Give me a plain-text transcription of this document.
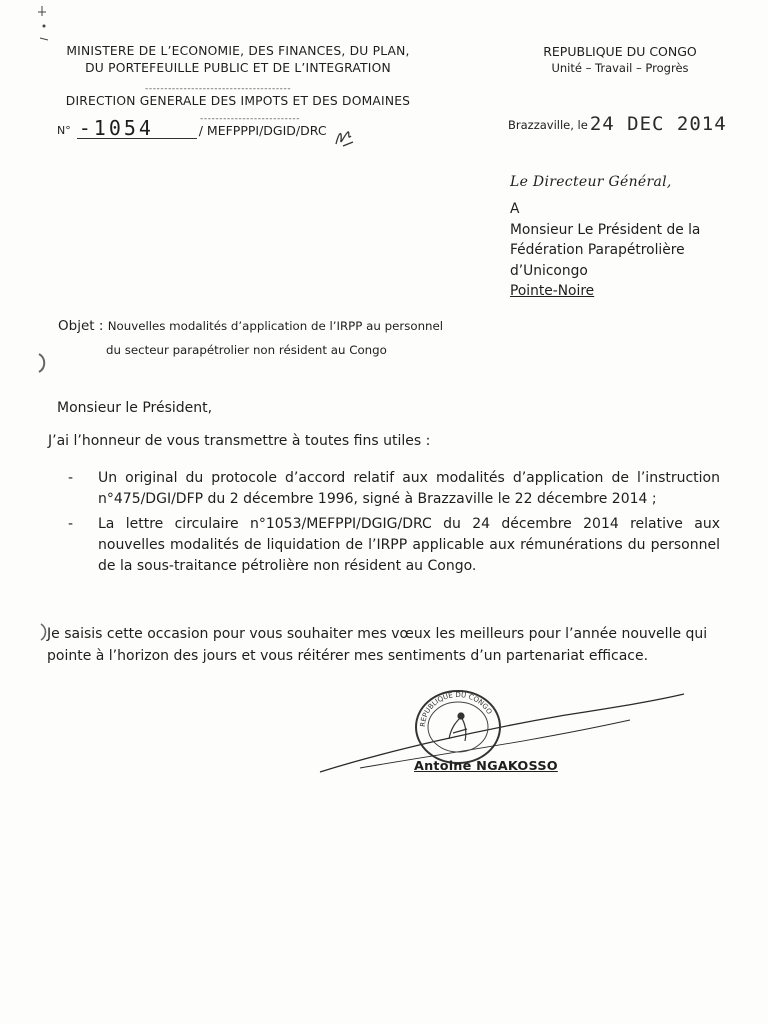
MINISTERE DE L’ECONOMIE, DES FINANCES, DU PLAN,
DU PORTEFEUILLE PUBLIC ET DE L’INTEGRATION
--------------------------------------
DIRECTION GENERALE DES IMPOTS ET DES DOMAINES
--------------------------
N° -1054	/ MEFPPPI/DGID/DRC
REPUBLIQUE DU CONGO
Unité – Travail – Progrès
Brazzaville, le 24 DEC 2014
Le Directeur Général,
A
Monsieur Le Président de la
Fédération Parapétrolière
d’Unicongo
Pointe-Noire
Objet : Nouvelles modalités d’application de l’IRPP au personnel
du secteur parapétrolier non résident au Congo
Monsieur le Président,
J’ai l’honneur de vous transmettre à toutes fins utiles :
-	Un original du protocole d’accord relatif aux modalités d’application de l’instruction n°475/DGI/DFP du 2 décembre 1996, signé à Brazzaville le 22 décembre 2014 ;
-	La lettre circulaire n°1053/MEFPPI/DGIG/DRC du 24 décembre 2014 relative aux nouvelles modalités de liquidation de l’IRPP applicable aux rémunérations du personnel de la sous-traitance pétrolière non résident au Congo.
Je saisis cette occasion pour vous souhaiter mes vœux les meilleurs pour l’année nouvelle qui pointe à l’horizon des jours et vous réitérer mes sentiments d’un partenariat efficace.
REPUBLIQUE DU CONGO
Antoine NGAKOSSO
